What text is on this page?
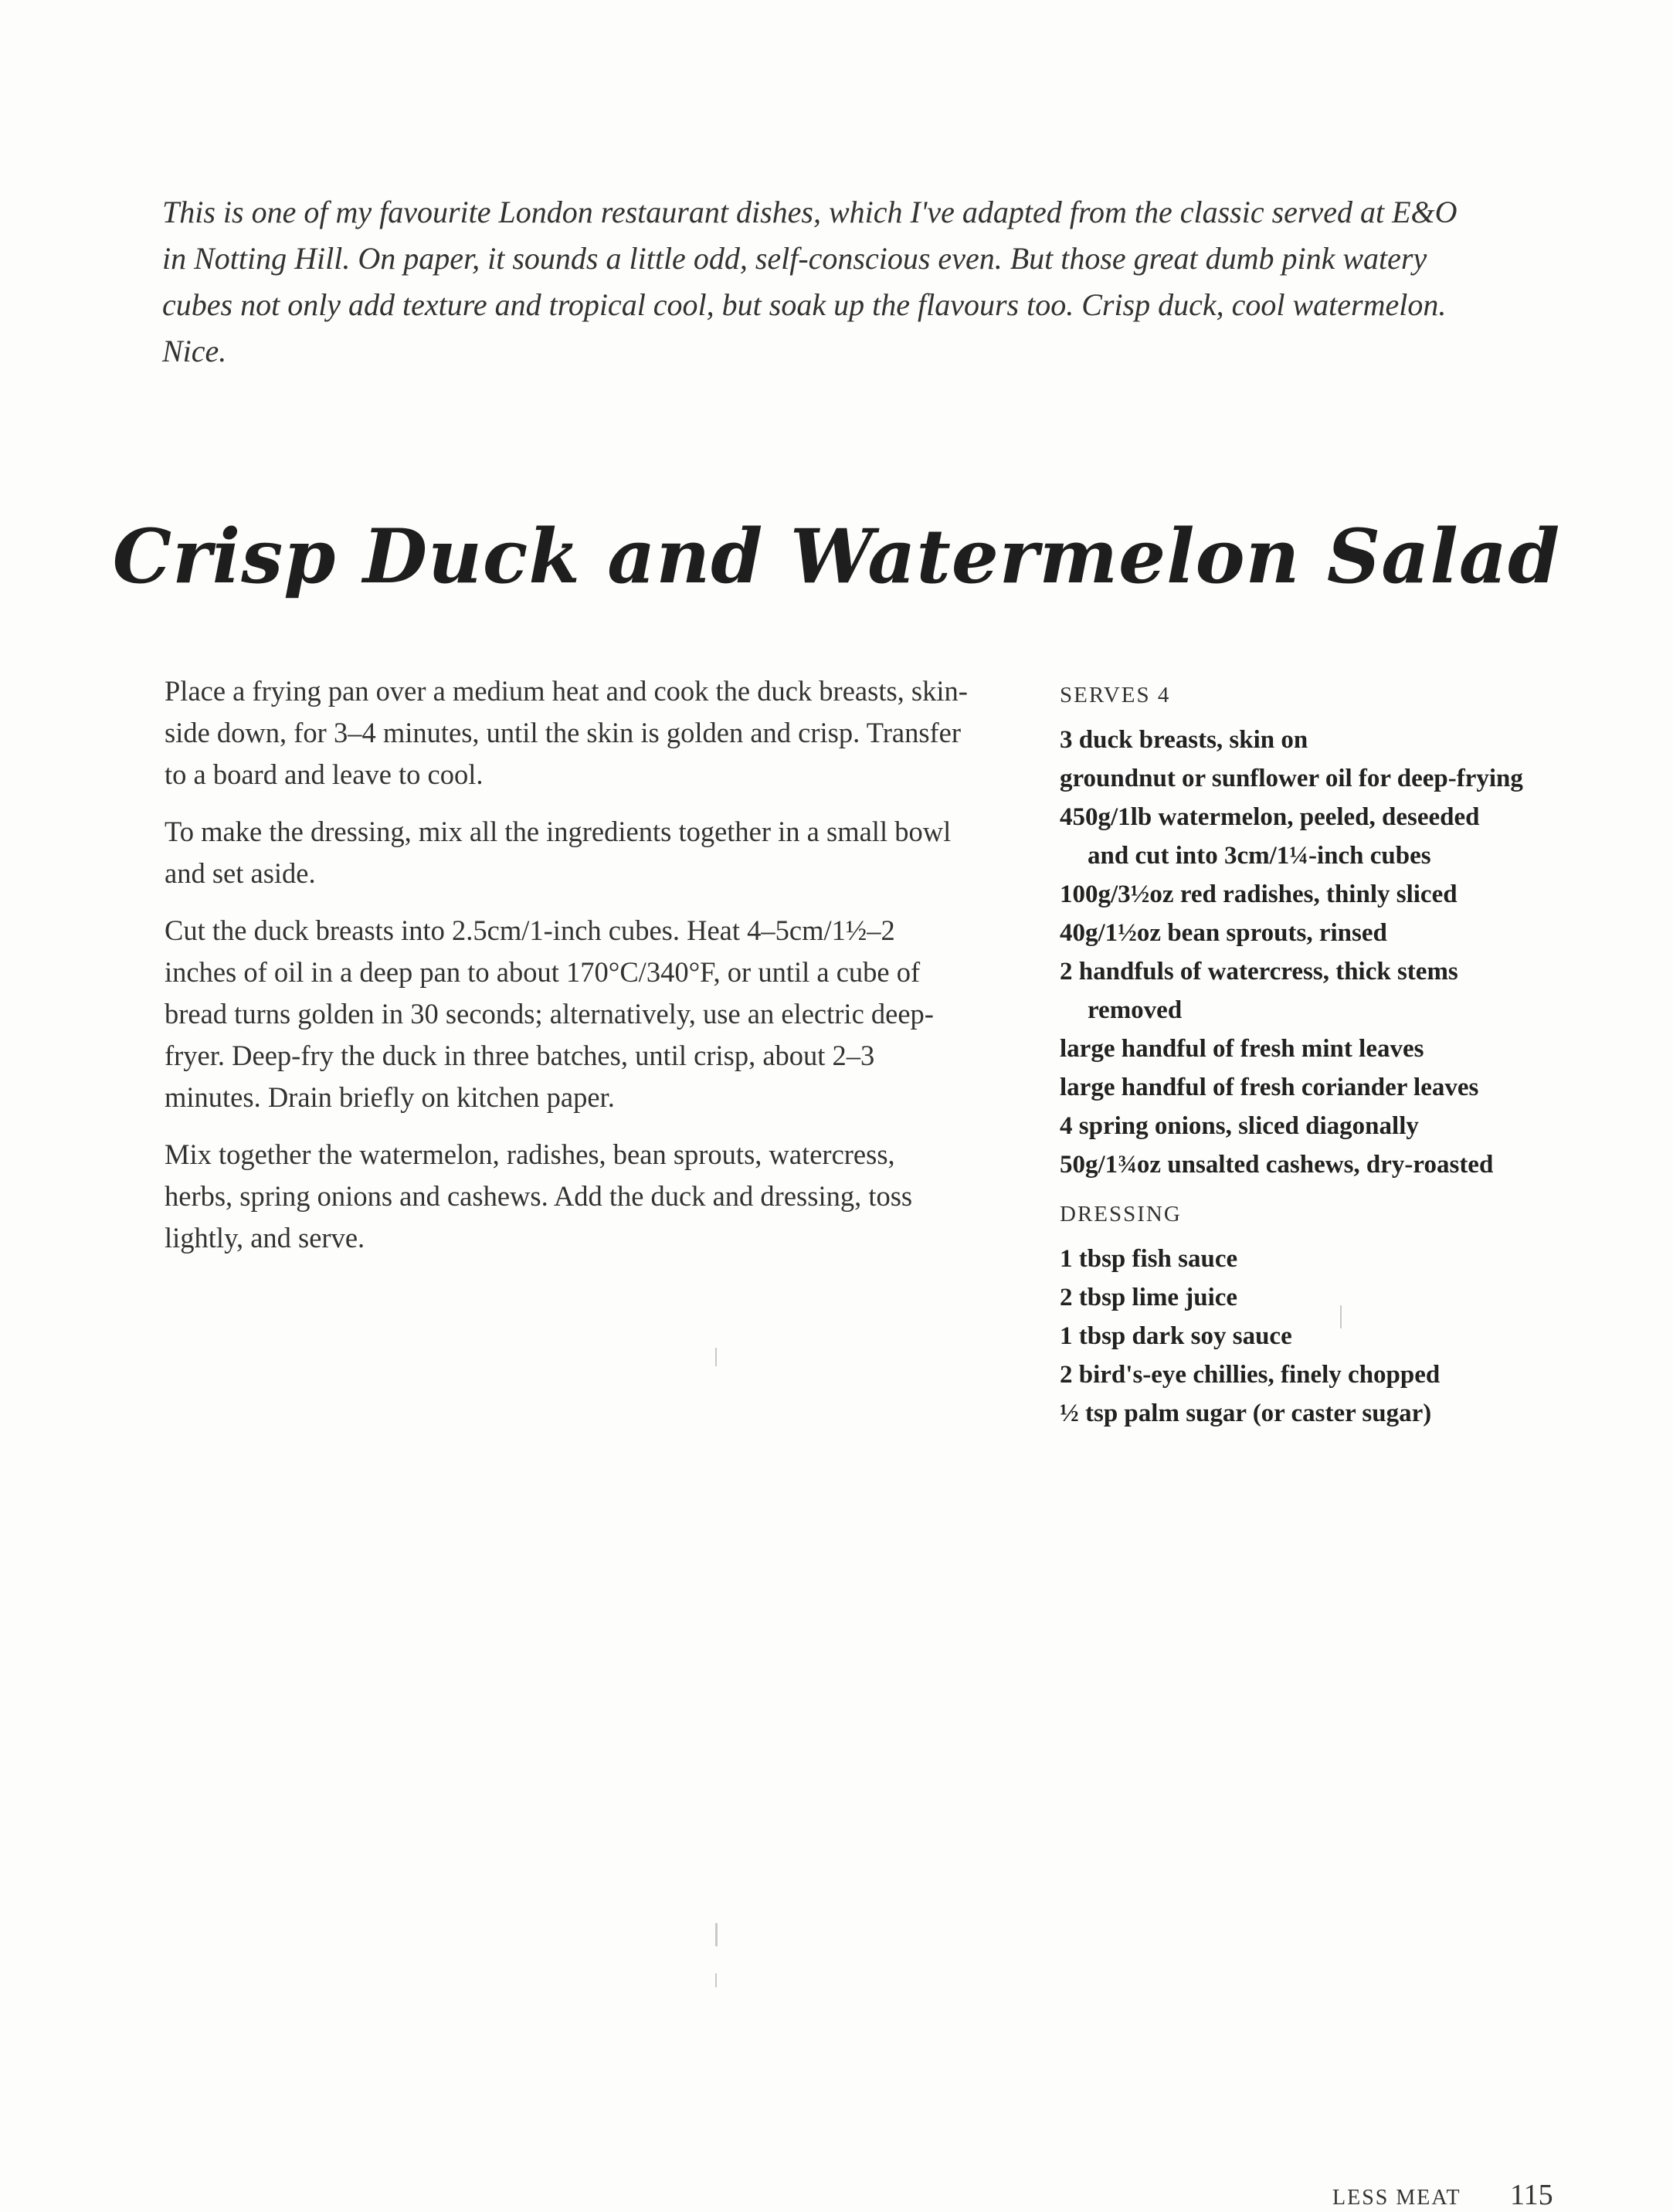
This is one of my favourite London restaurant dishes, which I've adapted from the classic served at E&O in Notting Hill. On paper, it sounds a little odd, self-conscious even. But those great dumb pink watery cubes not only add texture and tropical cool, but soak up the flavours too. Crisp duck, cool watermelon. Nice.

Crisp Duck and Watermelon Salad

Place a frying pan over a medium heat and cook the duck breasts, skin-side down, for 3–4 minutes, until the skin is golden and crisp. Transfer to a board and leave to cool.

To make the dressing, mix all the ingredients together in a small bowl and set aside.

Cut the duck breasts into 2.5cm/1-inch cubes. Heat 4–5cm/1½–2 inches of oil in a deep pan to about 170°C/340°F, or until a cube of bread turns golden in 30 seconds; alternatively, use an electric deep-fryer. Deep-fry the duck in three batches, until crisp, about 2–3 minutes. Drain briefly on kitchen paper.

Mix together the watermelon, radishes, bean sprouts, watercress, herbs, spring onions and cashews. Add the duck and dressing, toss lightly, and serve.

SERVES 4
3 duck breasts, skin on
groundnut or sunflower oil for deep-frying
450g/1lb watermelon, peeled, deseeded and cut into 3cm/1¼-inch cubes
100g/3½oz red radishes, thinly sliced
40g/1½oz bean sprouts, rinsed
2 handfuls of watercress, thick stems removed
large handful of fresh mint leaves
large handful of fresh coriander leaves
4 spring onions, sliced diagonally
50g/1¾oz unsalted cashews, dry-roasted
DRESSING
1 tbsp fish sauce
2 tbsp lime juice
1 tbsp dark soy sauce
2 bird's-eye chillies, finely chopped
½ tsp palm sugar (or caster sugar)
LESS MEAT 115
